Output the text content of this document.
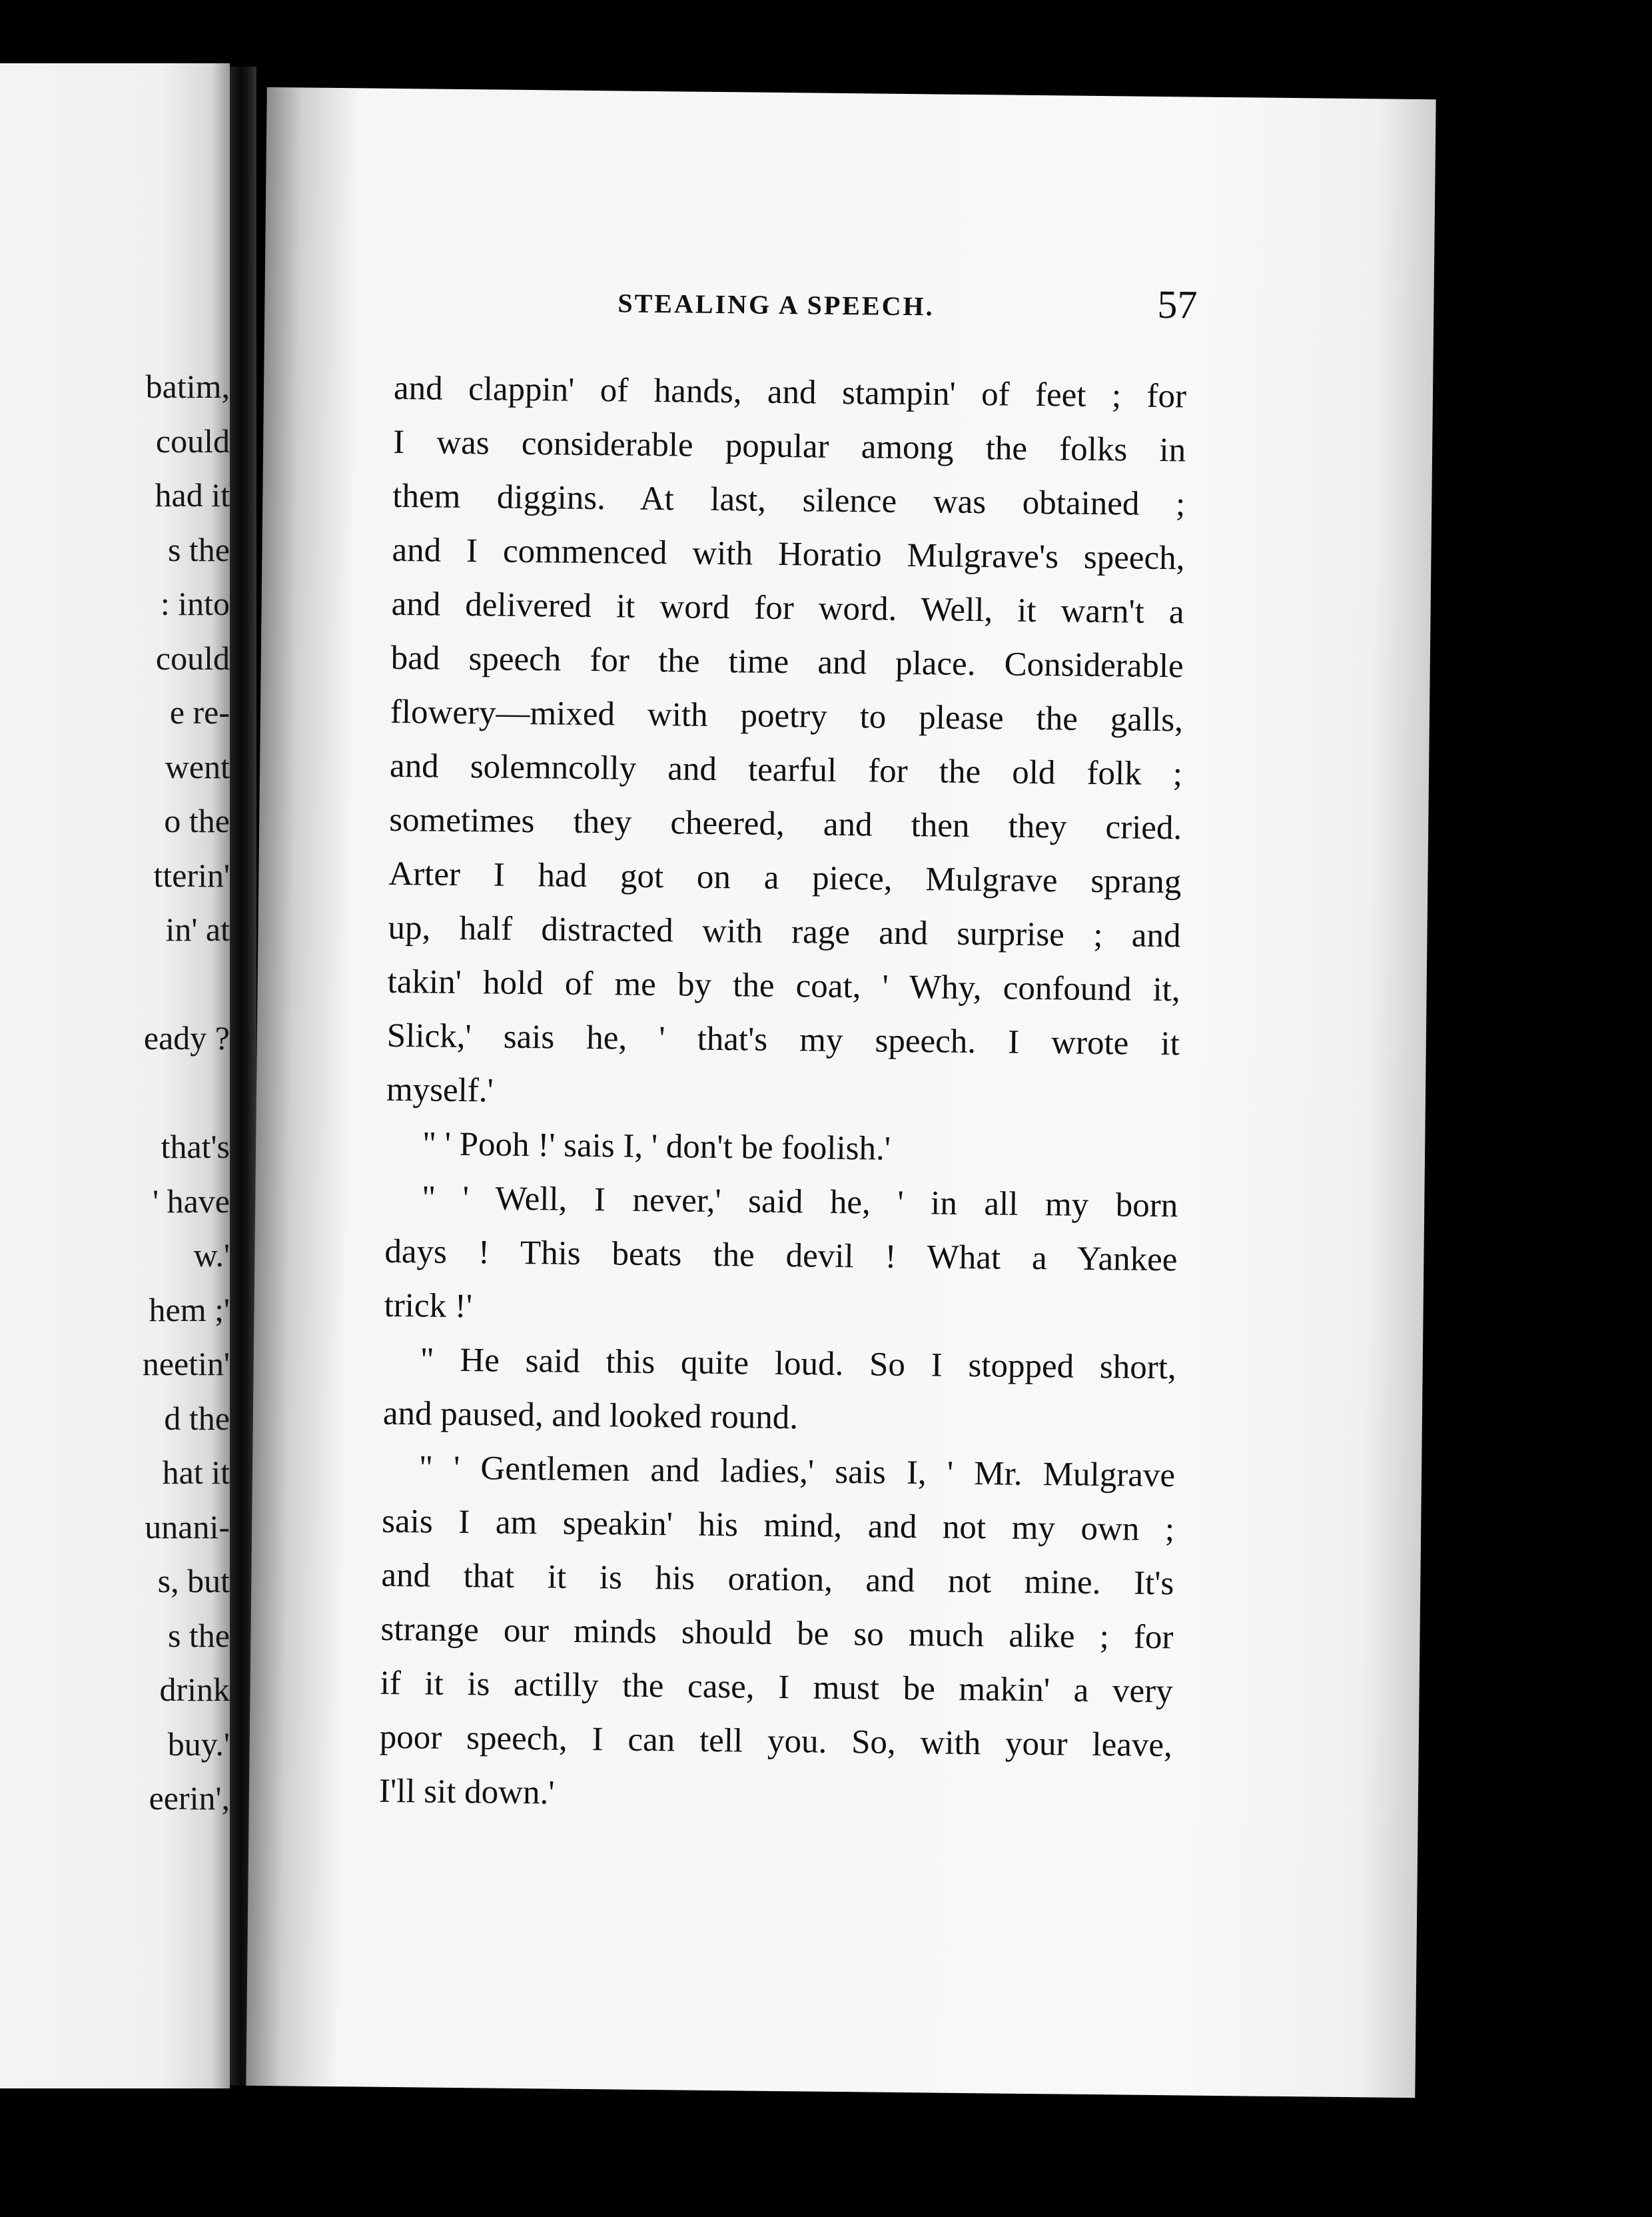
batim,
could
had it
s the
: into
could
e re-
went
o the
tterin'
in' at
eady ?
that's
' have
w.'
hem ;'
neetin'
d the
hat it
unani-
s, but
s the
drink
buy.'
eerin',
STEALING A SPEECH.	57
and clappin' of hands, and stampin' of feet ; for
I was considerable popular among the folks in
them diggins. At last, silence was obtained ;
and I commenced with Horatio Mulgrave's speech,
and delivered it word for word. Well, it warn't a
bad speech for the time and place. Considerable
flowery—mixed with poetry to please the galls,
and solemncolly and tearful for the old folk ;
sometimes they cheered, and then they cried.
Arter I had got on a piece, Mulgrave sprang
up, half distracted with rage and surprise ; and
takin' hold of me by the coat, ' Why, confound it,
Slick,' sais he, ' that's my speech. I wrote it
myself.'
" ' Pooh !' sais I, ' don't be foolish.'
" ' Well, I never,' said he, ' in all my born
days ! This beats the devil ! What a Yankee
trick !'
" He said this quite loud. So I stopped short,
and paused, and looked round.
" ' Gentlemen and ladies,' sais I, ' Mr. Mulgrave
sais I am speakin' his mind, and not my own ;
and that it is his oration, and not mine. It's
strange our minds should be so much alike ; for
if it is actilly the case, I must be makin' a very
poor speech, I can tell you. So, with your leave,
I'll sit down.'
